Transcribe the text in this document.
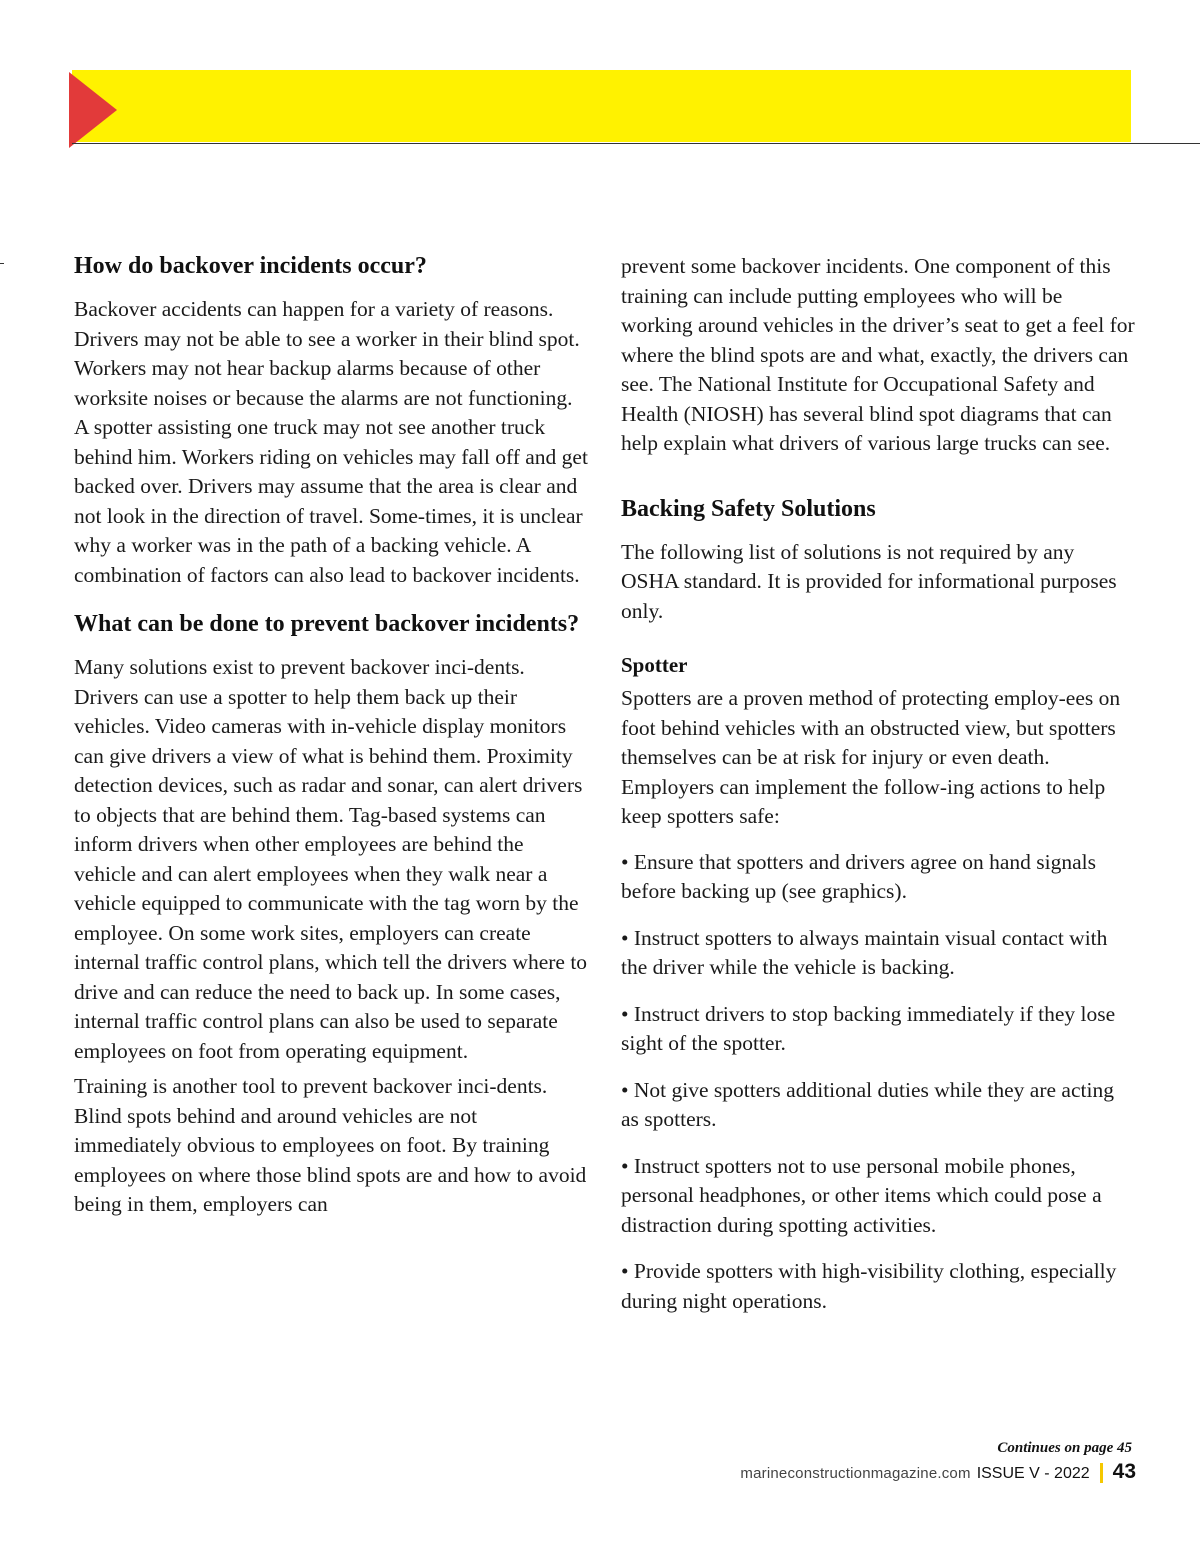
How do backover incidents occur?

Backover accidents can happen for a variety of reasons. Drivers may not be able to see a worker in their blind spot. Workers may not hear backup alarms because of other worksite noises or because the alarms are not functioning. A spotter assisting one truck may not see another truck behind him. Workers riding on vehicles may fall off and get backed over. Drivers may assume that the area is clear and not look in the direction of travel. Some-times, it is unclear why a worker was in the path of a backing vehicle. A combination of factors can also lead to backover incidents.

What can be done to prevent backover incidents?

Many solutions exist to prevent backover inci-dents. Drivers can use a spotter to help them back up their vehicles. Video cameras with in-vehicle display monitors can give drivers a view of what is behind them. Proximity detection devices, such as radar and sonar, can alert drivers to objects that are behind them. Tag-based systems can inform drivers when other employees are behind the vehicle and can alert employees when they walk near a vehicle equipped to communicate with the tag worn by the employee. On some work sites, employers can create internal traffic control plans, which tell the drivers where to drive and can reduce the need to back up. In some cases, internal traffic control plans can also be used to separate employees on foot from operating equipment.

Training is another tool to prevent backover inci-dents. Blind spots behind and around vehicles are not immediately obvious to employees on foot. By training employees on where those blind spots are and how to avoid being in them, employers can

prevent some backover incidents. One component of this training can include putting employees who will be working around vehicles in the driver’s seat to get a feel for where the blind spots are and what, exactly, the drivers can see. The National Institute for Occupational Safety and Health (NIOSH) has several blind spot diagrams that can help explain what drivers of various large trucks can see.

Backing Safety Solutions

The following list of solutions is not required by any OSHA standard. It is provided for informational purposes only.

Spotter

Spotters are a proven method of protecting employ-ees on foot behind vehicles with an obstructed view, but spotters themselves can be at risk for injury or even death. Employers can implement the follow-ing actions to help keep spotters safe:

• Ensure that spotters and drivers agree on hand signals before backing up (see graphics).

• Instruct spotters to always maintain visual contact with the driver while the vehicle is backing.

• Instruct drivers to stop backing immediately if they lose sight of the spotter.

• Not give spotters additional duties while they are acting as spotters.

• Instruct spotters not to use personal mobile phones, personal headphones, or other items which could pose a distraction during spotting activities.

• Provide spotters with high-visibility clothing, especially during night operations.

Continues on page 45
marineconstructionmagazine.com ISSUE V - 2022 43
